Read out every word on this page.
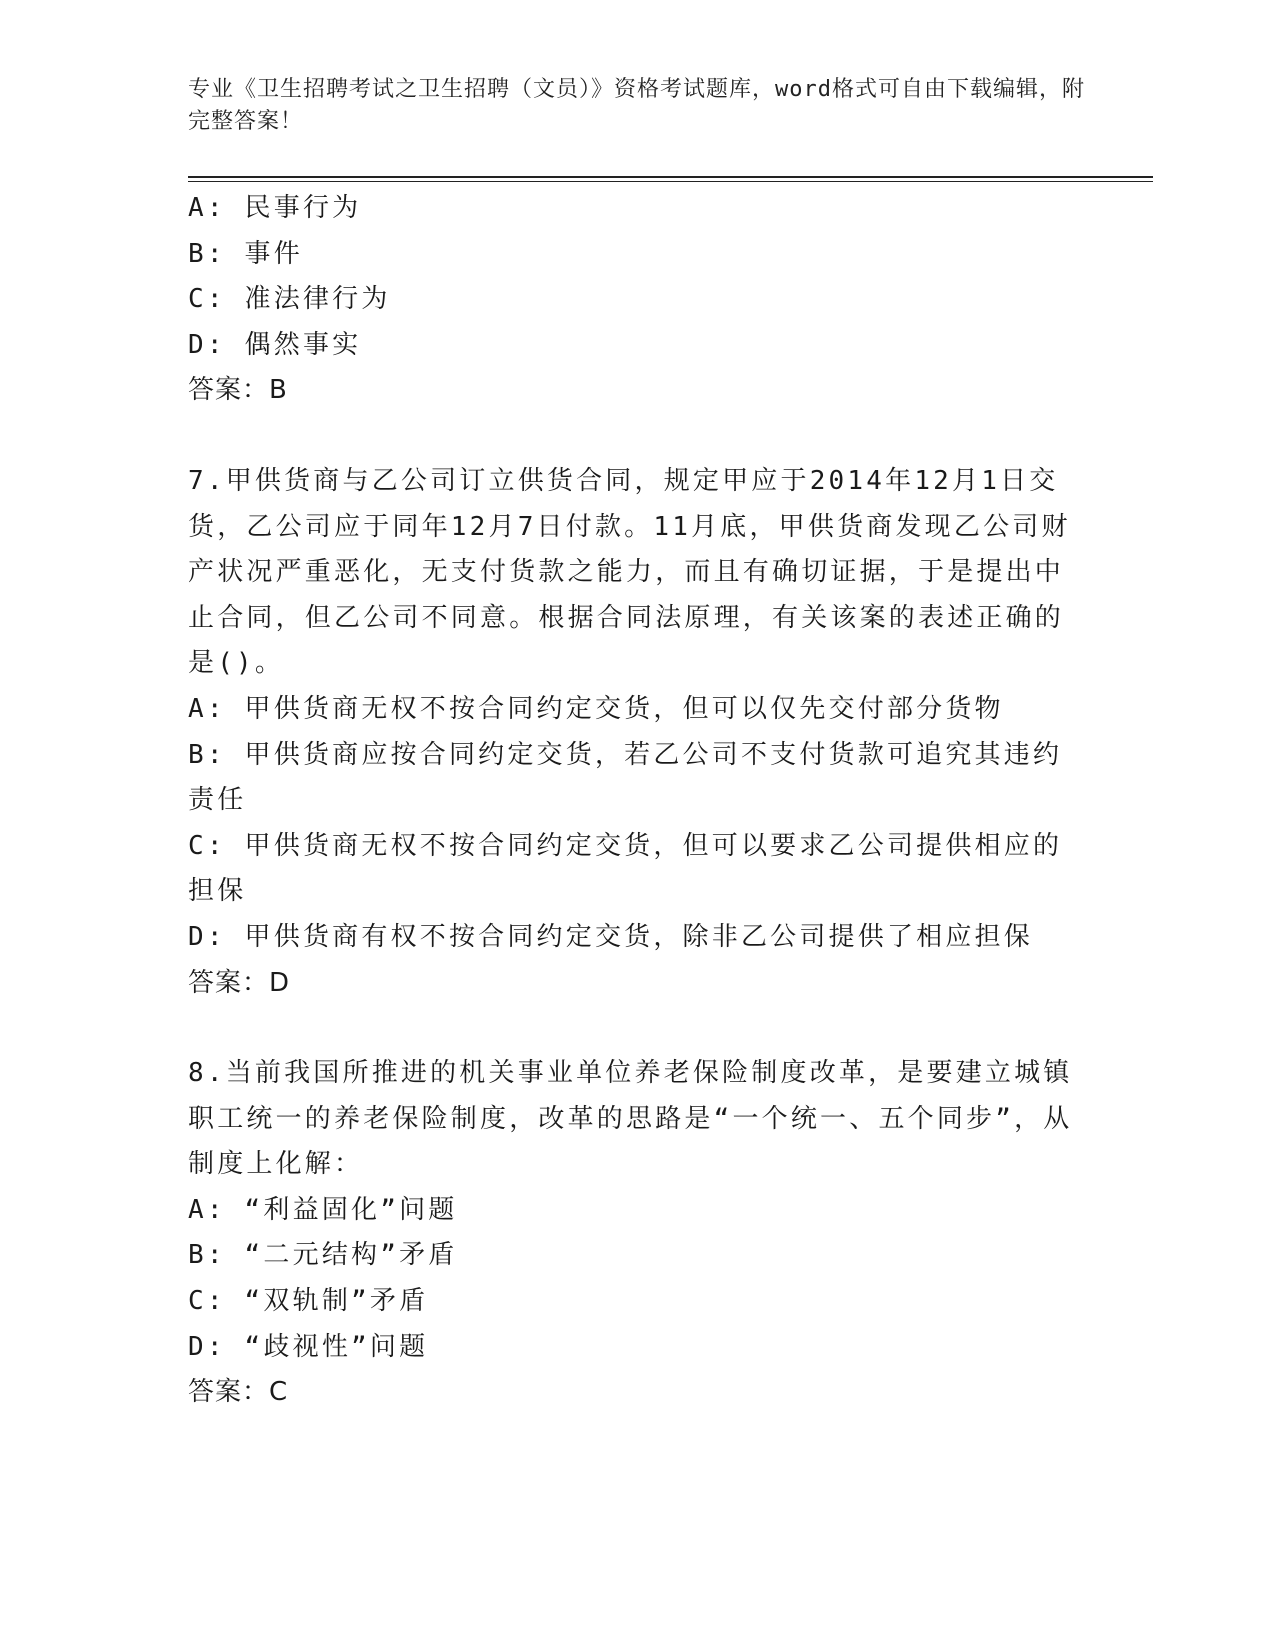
专业《卫生招聘考试之卫生招聘（文员）》资格考试题库，word格式可自由下载编辑，附完整答案！

A: 民事行为

B: 事件

C: 准法律行为

D: 偶然事实

答案：B

7.甲供货商与乙公司订立供货合同，规定甲应于2014年12月1日交货，乙公司应于同年12月7日付款。11月底，甲供货商发现乙公司财产状况严重恶化，无支付货款之能力，而且有确切证据，于是提出中止合同，但乙公司不同意。根据合同法原理，有关该案的表述正确的是()。

A: 甲供货商无权不按合同约定交货，但可以仅先交付部分货物

B: 甲供货商应按合同约定交货，若乙公司不支付货款可追究其违约责任

C: 甲供货商无权不按合同约定交货，但可以要求乙公司提供相应的担保

D: 甲供货商有权不按合同约定交货，除非乙公司提供了相应担保

答案：D

8.当前我国所推进的机关事业单位养老保险制度改革，是要建立城镇职工统一的养老保险制度，改革的思路是“一个统一、五个同步”，从制度上化解：

A: “利益固化”问题

B: “二元结构”矛盾

C: “双轨制”矛盾

D: “歧视性”问题

答案：C
